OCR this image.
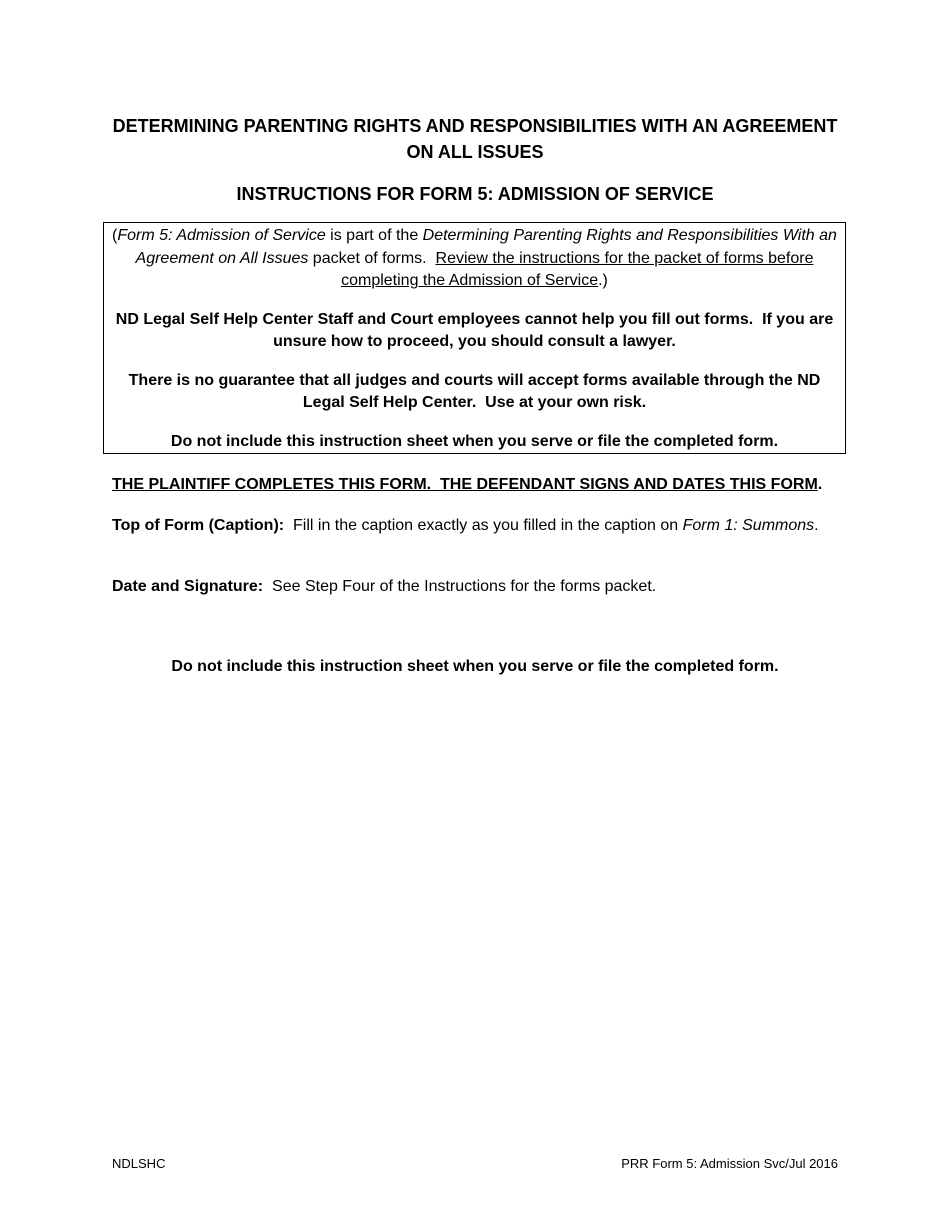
DETERMINING PARENTING RIGHTS AND RESPONSIBILITIES WITH AN AGREEMENT ON ALL ISSUES
INSTRUCTIONS FOR FORM 5: ADMISSION OF SERVICE

(Form 5: Admission of Service is part of the Determining Parenting Rights and Responsibilities With an Agreement on All Issues packet of forms.  Review the instructions for the packet of forms before completing the Admission of Service.)

ND Legal Self Help Center Staff and Court employees cannot help you fill out forms.  If you are unsure how to proceed, you should consult a lawyer.

There is no guarantee that all judges and courts will accept forms available through the ND Legal Self Help Center.  Use at your own risk.

Do not include this instruction sheet when you serve or file the completed form.

THE PLAINTIFF COMPLETES THIS FORM.  THE DEFENDANT SIGNS AND DATES THIS FORM.

Top of Form (Caption):  Fill in the caption exactly as you filled in the caption on Form 1: Summons.

Date and Signature:  See Step Four of the Instructions for the forms packet.

Do not include this instruction sheet when you serve or file the completed form.
NDLSHC	PRR Form 5: Admission Svc/Jul 2016
